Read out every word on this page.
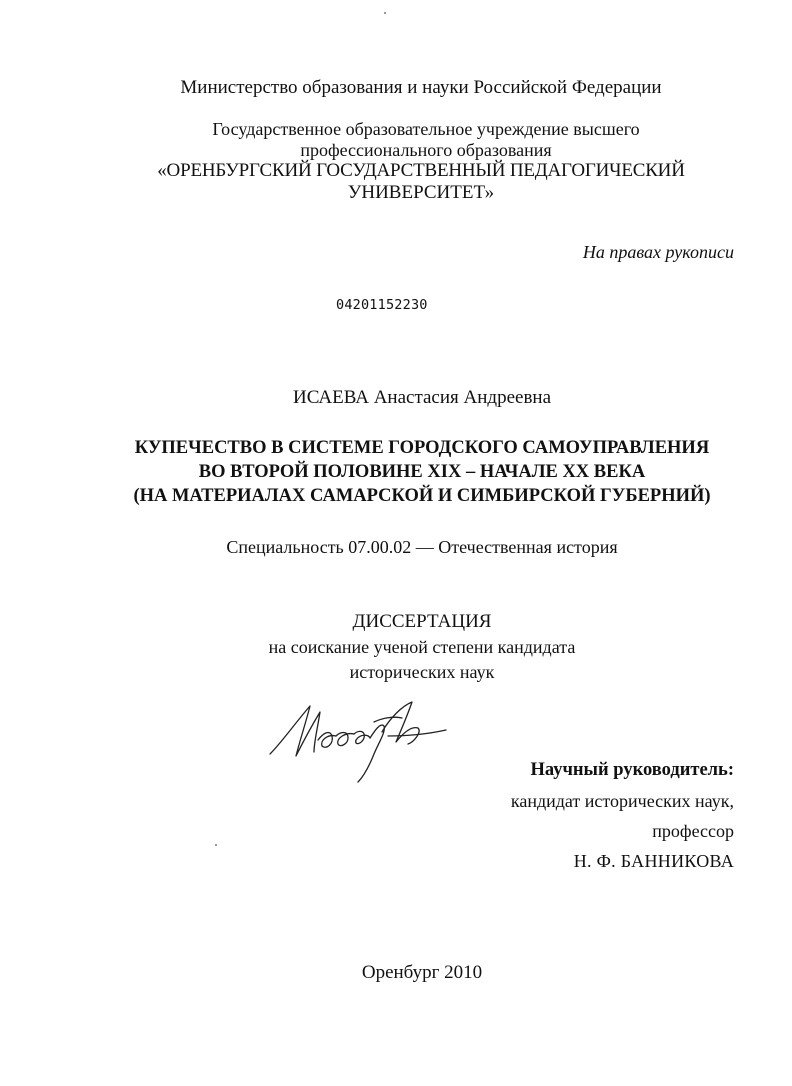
Министерство образования и науки Российской Федерации
Государственное образовательное учреждение высшего
профессионального образования
«ОРЕНБУРГСКИЙ ГОСУДАРСТВЕННЫЙ ПЕДАГОГИЧЕСКИЙ
УНИВЕРСИТЕТ»
На правах рукописи
04201152230
ИСАЕВА Анастасия Андреевна
КУПЕЧЕСТВО В СИСТЕМЕ ГОРОДСКОГО САМОУПРАВЛЕНИЯ
ВО ВТОРОЙ ПОЛОВИНЕ XIX – НАЧАЛЕ XX ВЕКА
(НА МАТЕРИАЛАХ САМАРСКОЙ И СИМБИРСКОЙ ГУБЕРНИЙ)
Специальность 07.00.02 — Отечественная история
ДИССЕРТАЦИЯ
на соискание ученой степени кандидата
исторических наук
Научный руководитель:
кандидат исторических наук,
профессор
Н. Ф. БАННИКОВА
Оренбург 2010
